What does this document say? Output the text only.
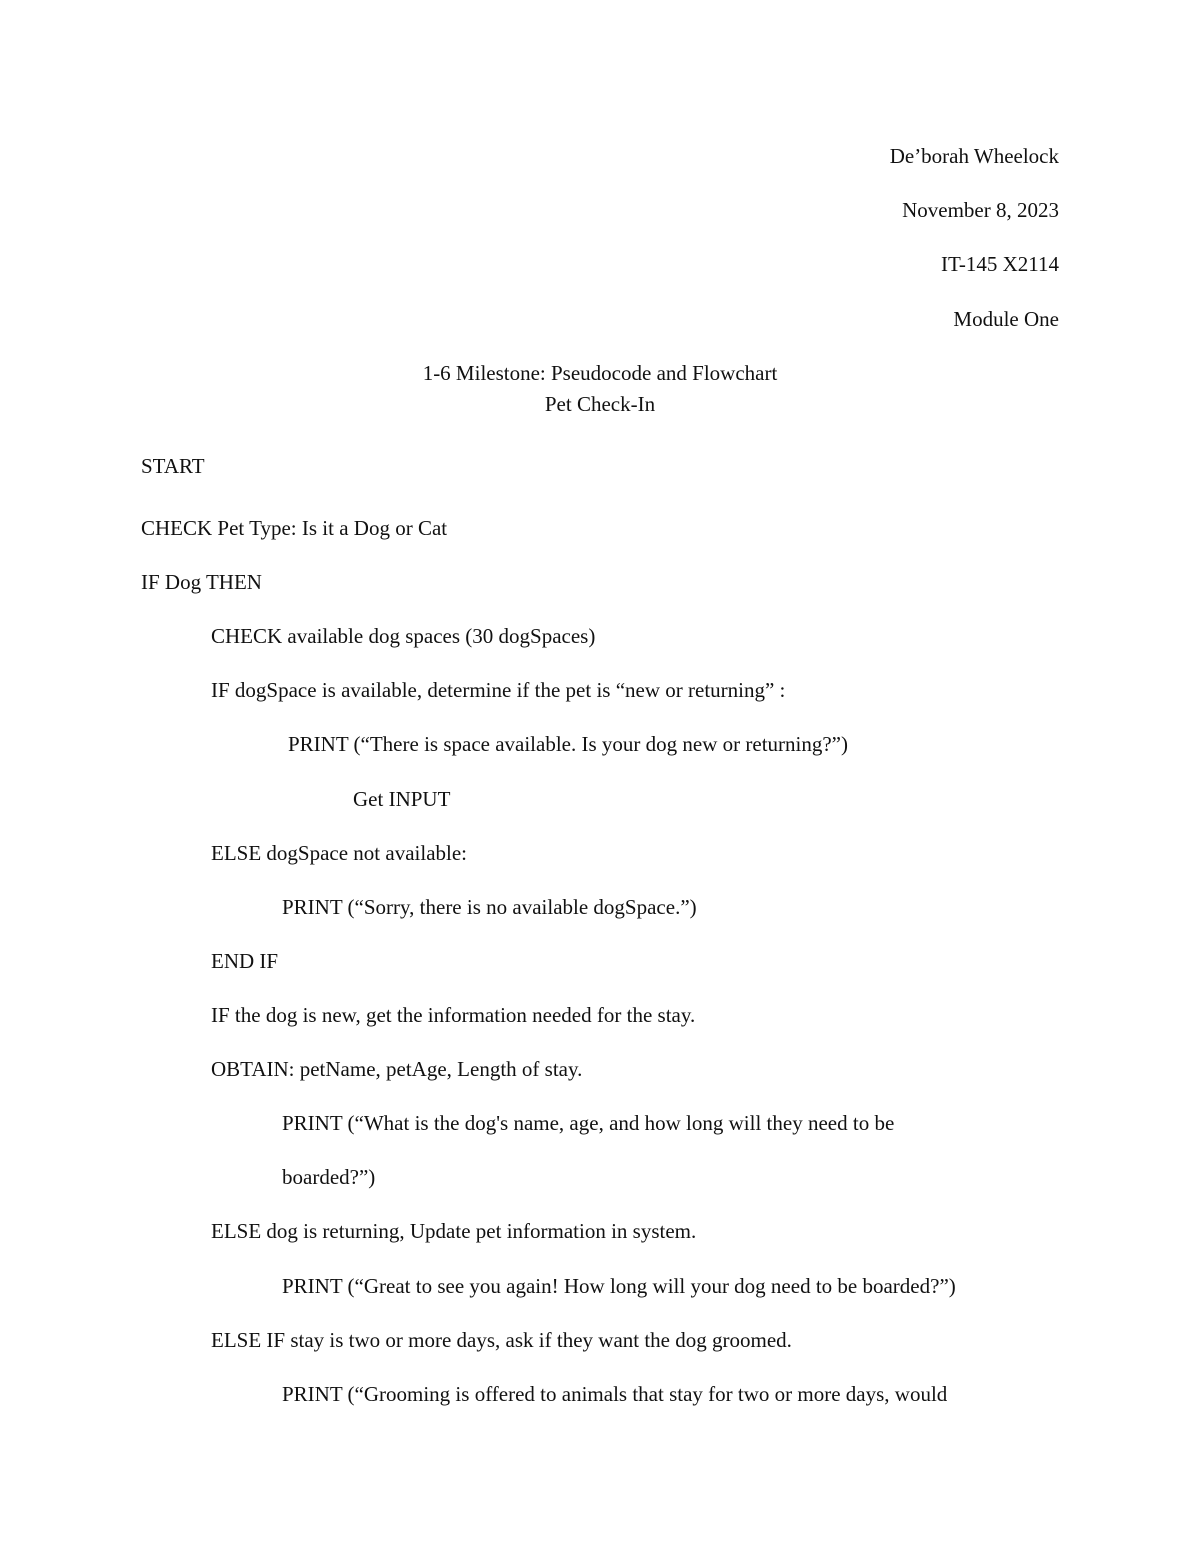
De’borah Wheelock
November 8, 2023
IT-145 X2114
Module One
1-6 Milestone: Pseudocode and Flowchart
Pet Check-In
START
CHECK Pet Type: Is it a Dog or Cat
IF Dog THEN
CHECK available dog spaces (30 dogSpaces)
IF dogSpace is available, determine if the pet is “new or returning” :
PRINT (“There is space available. Is your dog new or returning?”)
Get INPUT
ELSE dogSpace not available:
PRINT (“Sorry, there is no available dogSpace.”)
END IF
IF the dog is new, get the information needed for the stay.
OBTAIN: petName, petAge, Length of stay.
PRINT (“What is the dog's name, age, and how long will they need to be
boarded?”)
ELSE dog is returning, Update pet information in system.
PRINT (“Great to see you again! How long will your dog need to be boarded?”)
ELSE IF stay is two or more days, ask if they want the dog groomed.
PRINT (“Grooming is offered to animals that stay for two or more days, would
